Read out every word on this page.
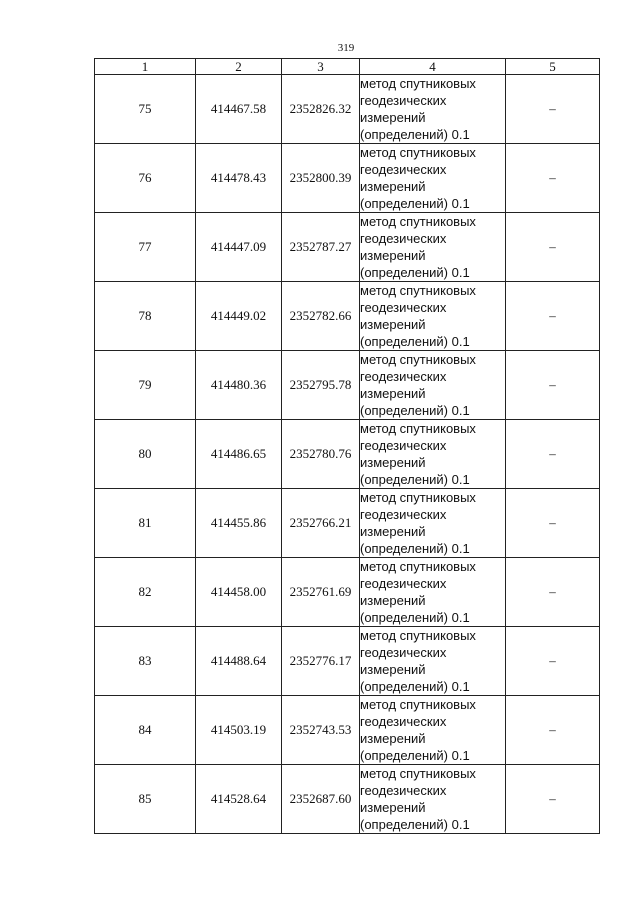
319
1	2	3	4	5
75	414467.58	2352826.32	метод спутниковых
геодезических
измерений
(определений) 0.1	–
76	414478.43	2352800.39	метод спутниковых
геодезических
измерений
(определений) 0.1	–
77	414447.09	2352787.27	метод спутниковых
геодезических
измерений
(определений) 0.1	–
78	414449.02	2352782.66	метод спутниковых
геодезических
измерений
(определений) 0.1	–
79	414480.36	2352795.78	метод спутниковых
геодезических
измерений
(определений) 0.1	–
80	414486.65	2352780.76	метод спутниковых
геодезических
измерений
(определений) 0.1	–
81	414455.86	2352766.21	метод спутниковых
геодезических
измерений
(определений) 0.1	–
82	414458.00	2352761.69	метод спутниковых
геодезических
измерений
(определений) 0.1	–
83	414488.64	2352776.17	метод спутниковых
геодезических
измерений
(определений) 0.1	–
84	414503.19	2352743.53	метод спутниковых
геодезических
измерений
(определений) 0.1	–
85	414528.64	2352687.60	метод спутниковых
геодезических
измерений
(определений) 0.1	–
